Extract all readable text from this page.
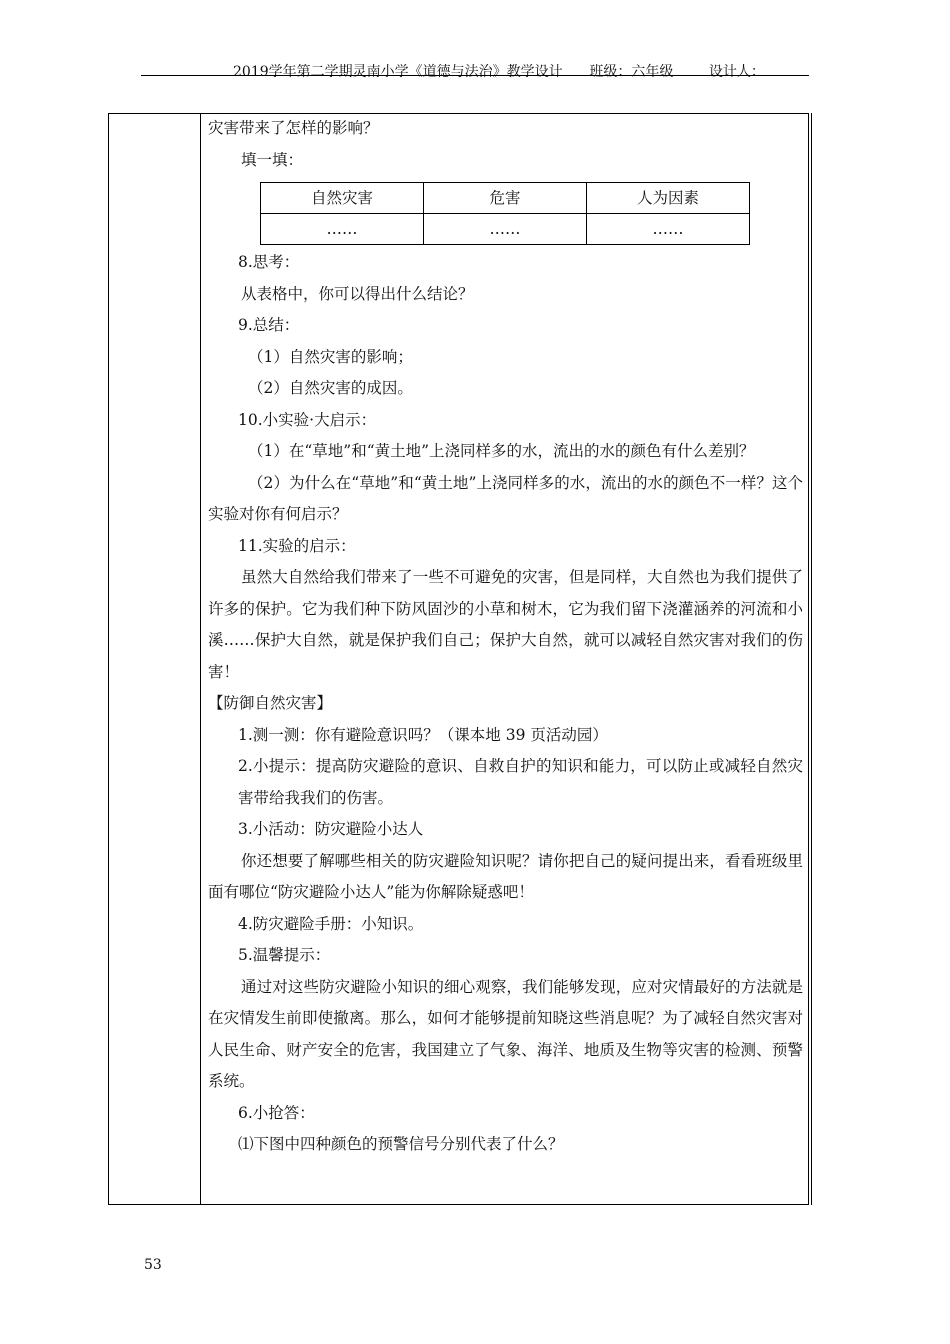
2019学年第二学期灵南小学《道德与法治》教学设计      班级：六年级        设计人：

灾害带来了怎样的影响？

填一填：

自然灾害	危害	人为因素
……	……	……

8.思考：

从表格中，你可以得出什么结论？

9.总结：

（1）自然灾害的影响；

（2）自然灾害的成因。

10.小实验·大启示：

（1）在“草地”和“黄土地”上浇同样多的水，流出的水的颜色有什么差别？

（2）为什么在“草地”和“黄土地”上浇同样多的水，流出的水的颜色不一样？这个实验对你有何启示？

11.实验的启示：

虽然大自然给我们带来了一些不可避免的灾害，但是同样，大自然也为我们提供了许多的保护。它为我们种下防风固沙的小草和树木，它为我们留下浇灌涵养的河流和小溪……保护大自然，就是保护我们自己；保护大自然，就可以减轻自然灾害对我们的伤害！

【防御自然灾害】

1.测一测：你有避险意识吗？（课本地 39 页活动园）

2.小提示：提高防灾避险的意识、自救自护的知识和能力，可以防止或减轻自然灾害带给我我们的伤害。

3.小活动：防灾避险小达人

你还想要了解哪些相关的防灾避险知识呢？请你把自己的疑问提出来，看看班级里面有哪位“防灾避险小达人”能为你解除疑惑吧！

4.防灾避险手册：小知识。

5.温馨提示：

通过对这些防灾避险小知识的细心观察，我们能够发现，应对灾情最好的方法就是在灾情发生前即使撤离。那么，如何才能够提前知晓这些消息呢？为了减轻自然灾害对人民生命、财产安全的危害，我国建立了气象、海洋、地质及生物等灾害的检测、预警系统。

6.小抢答：

⑴下图中四种颜色的预警信号分别代表了什么？

53
